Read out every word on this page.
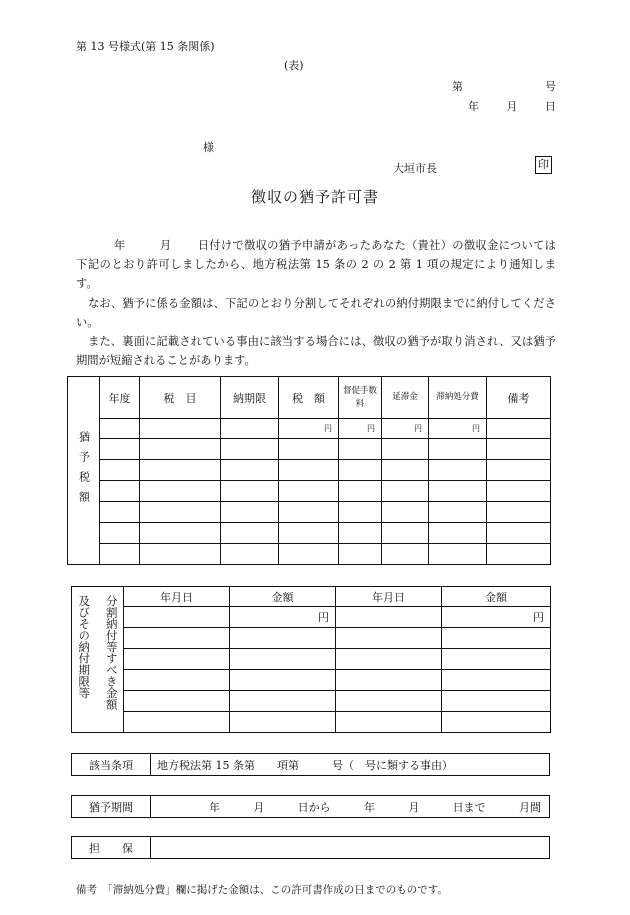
第 13 号様式(第 15 条関係)
(表)
第	号
年	月	日
様
大垣市長	印
徴収の猶予許可書

年	月 日付けで徴収の猶予申請があったあなた（貴社）の徴収金については下記のとおり許可しましたから、地方税法第 15 条の 2 の 2 第 1 項の規定により通知します。

なお、猶予に係る金額は、下記のとおり分割してそれぞれの納付期限までに納付してください。

また、裏面に記載されている事由に該当する場合には、徴収の猶予が取り消され、又は猶予期間が短縮されることがあります。

猶予税額	年度	税　目	納期限	税　額	督促手数料	延滞金	滞納処分費	備考
				円	円	円	円	

及びその納付期限等 分割納付等すべき金額	年月日	金額	年月日	金額
		円		円

該当条項	地方税法第 15 条第　　項第　　　号（　号に類する事由）
猶予期間	年	月	日から	年	月	日まで	月間
担　　保	
備考　「滞納処分費」欄に掲げた金額は、この許可書作成の日までのものです。
